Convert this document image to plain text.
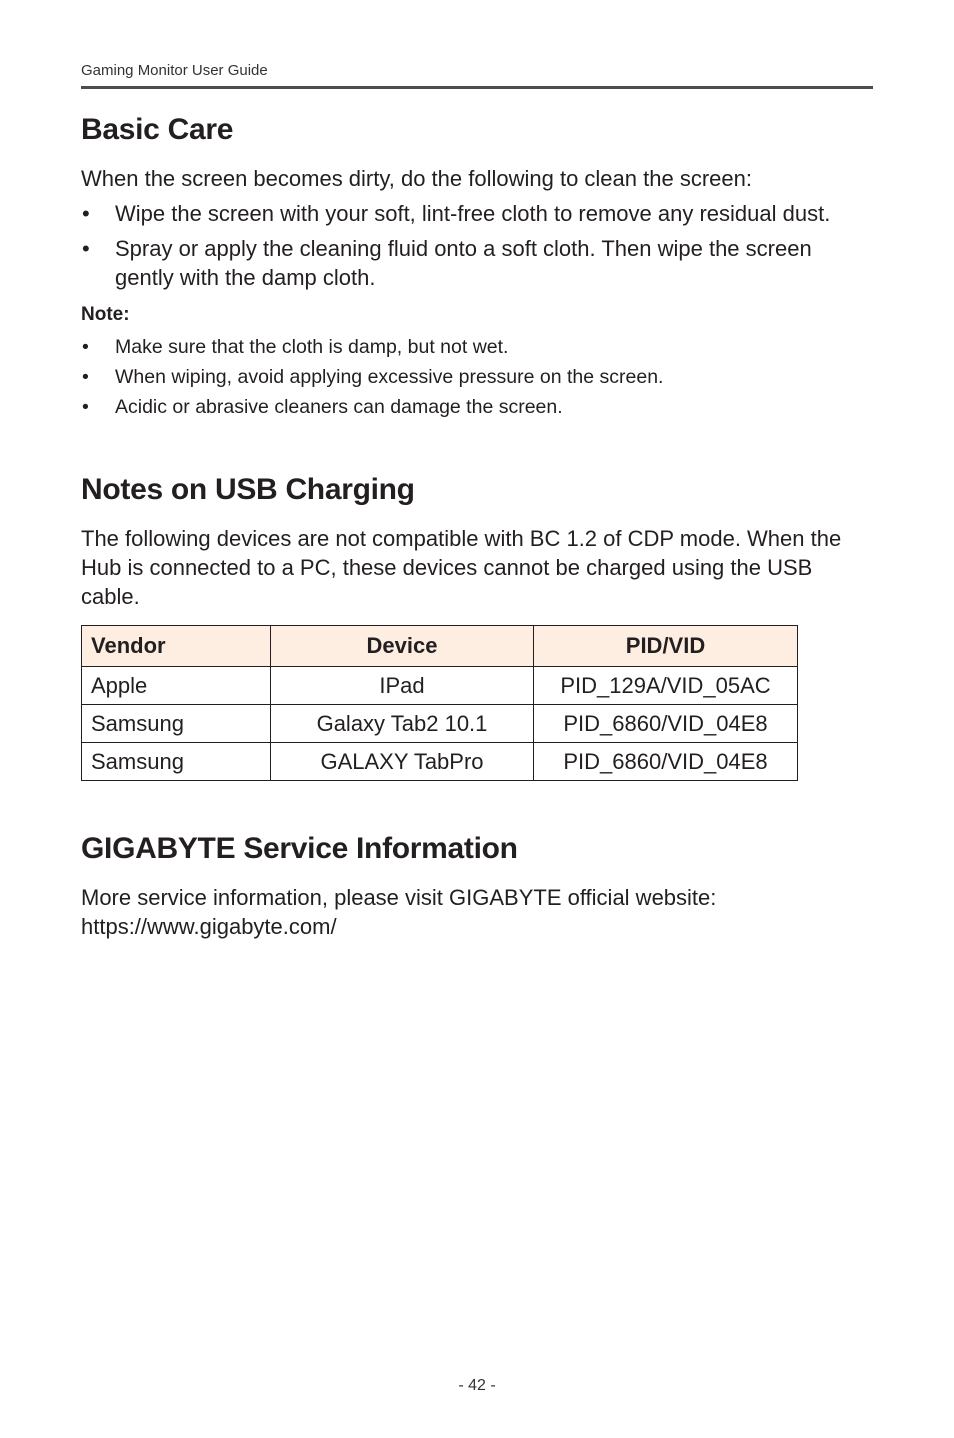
Gaming Monitor User Guide
Basic Care

When the screen becomes dirty, do the following to clean the screen:

• Wipe the screen with your soft, lint-free cloth to remove any residual dust.
• Spray or apply the cleaning fluid onto a soft cloth. Then wipe the screen gently with the damp cloth.
Note:
• Make sure that the cloth is damp, but not wet.
• When wiping, avoid applying excessive pressure on the screen.
• Acidic or abrasive cleaners can damage the screen.
Notes on USB Charging

The following devices are not compatible with BC 1.2 of CDP mode. When the Hub is connected to a PC, these devices cannot be charged using the USB cable.

Vendor	Device	PID/VID
Apple	IPad	PID_129A/VID_05AC
Samsung	Galaxy Tab2 10.1	PID_6860/VID_04E8
Samsung	GALAXY TabPro	PID_6860/VID_04E8
GIGABYTE Service Information

More service information, please visit GIGABYTE official website:
https://www.gigabyte.com/

- 42 -
